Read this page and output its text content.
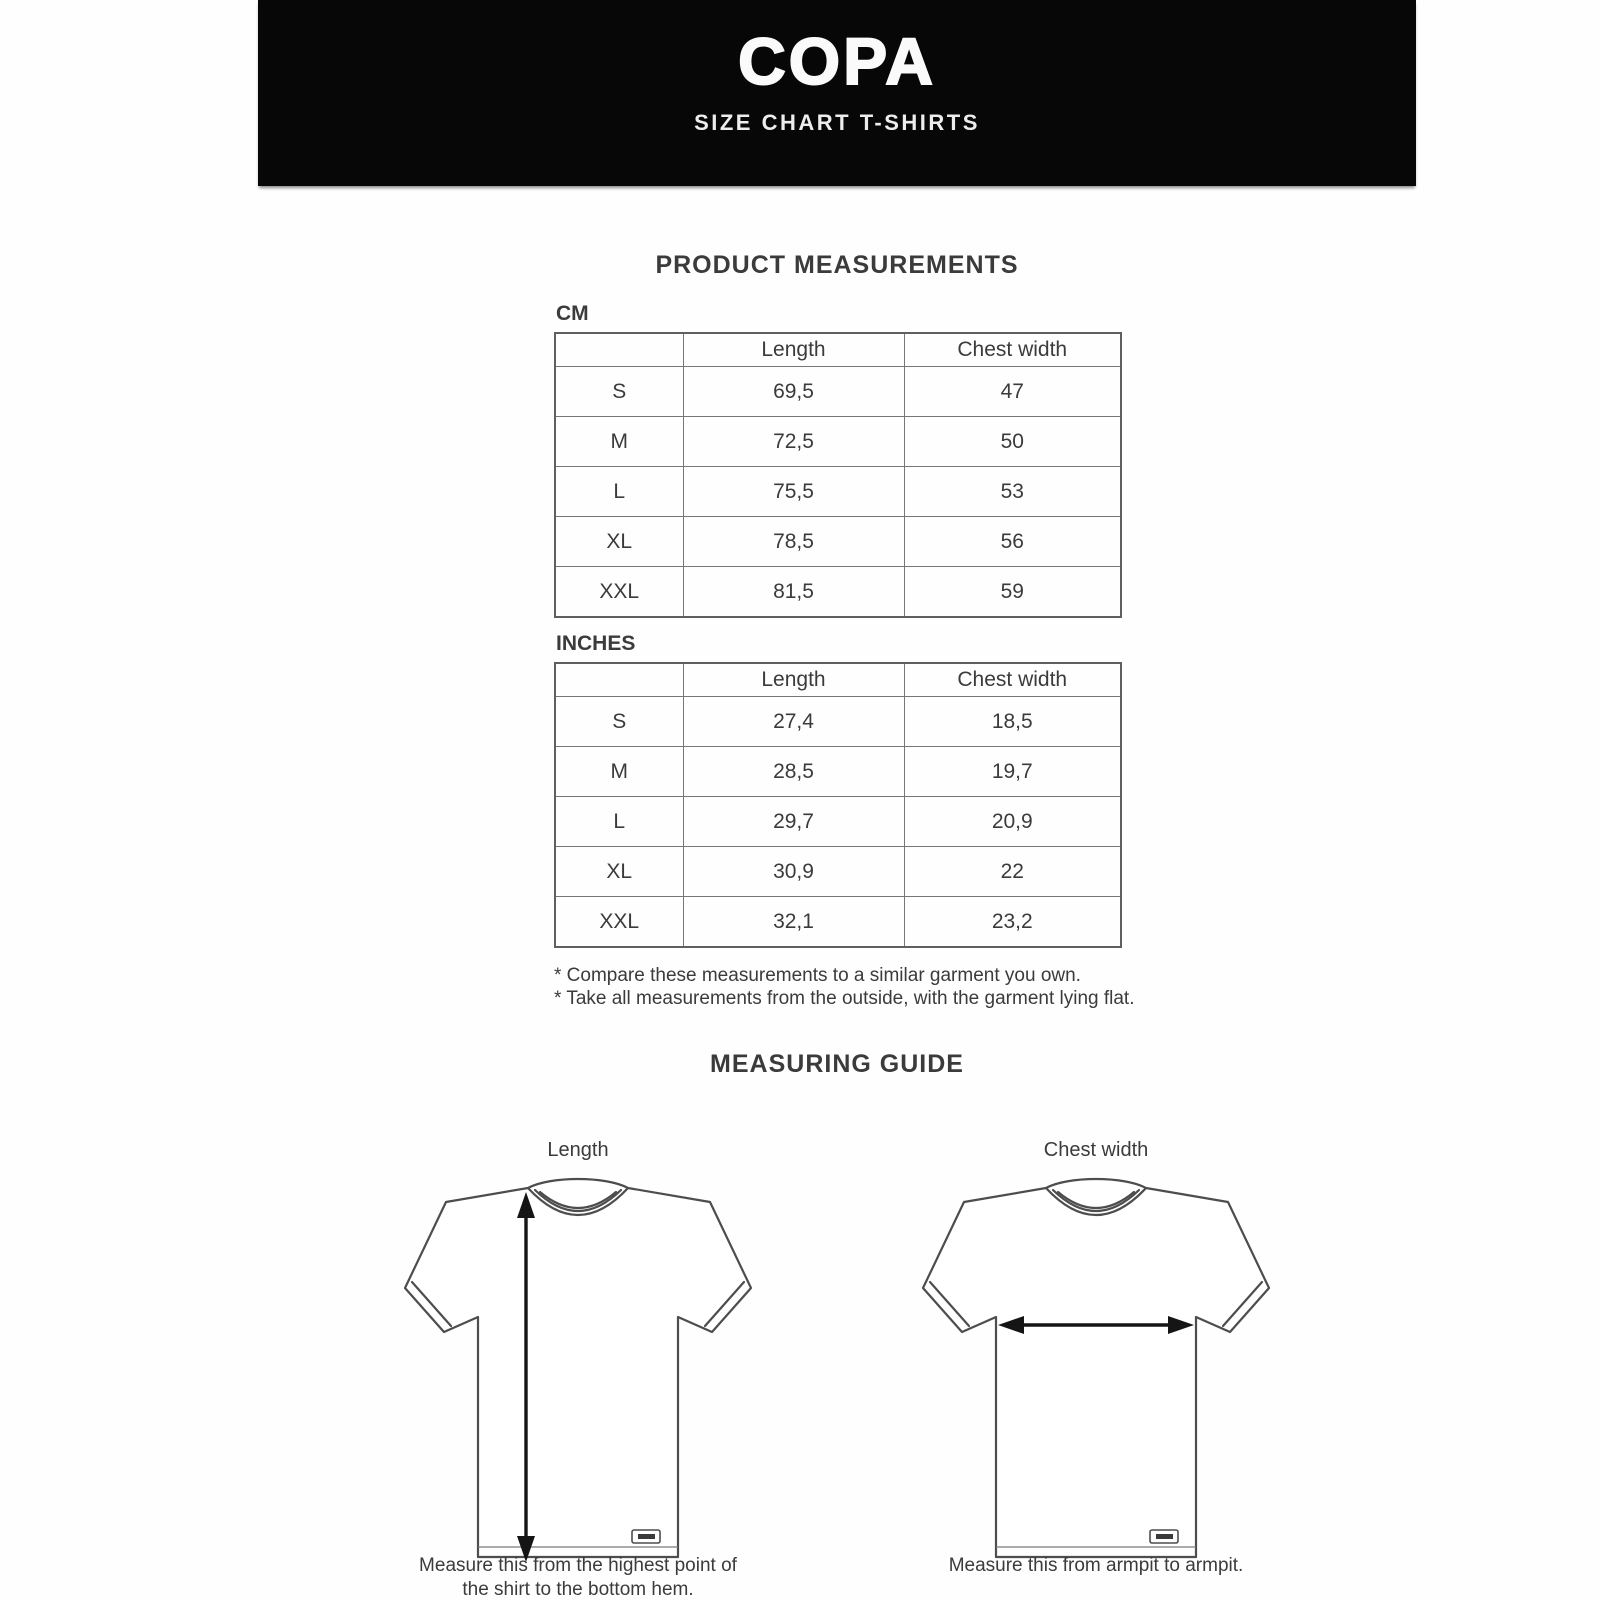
COPA
SIZE CHART T-SHIRTS
PRODUCT MEASUREMENTS
CM
	Length	Chest width
S	69,5	47
M	72,5	50
L	75,5	53
XL	78,5	56
XXL	81,5	59
INCHES
	Length	Chest width
S	27,4	18,5
M	28,5	19,7
L	29,7	20,9
XL	30,9	22
XXL	32,1	23,2
* Compare these measurements to a similar garment you own.
* Take all measurements from the outside, with the garment lying flat.
MEASURING GUIDE
Length
Measure this from the highest point of the shirt to the bottom hem.
Chest width
Measure this from armpit to armpit.
